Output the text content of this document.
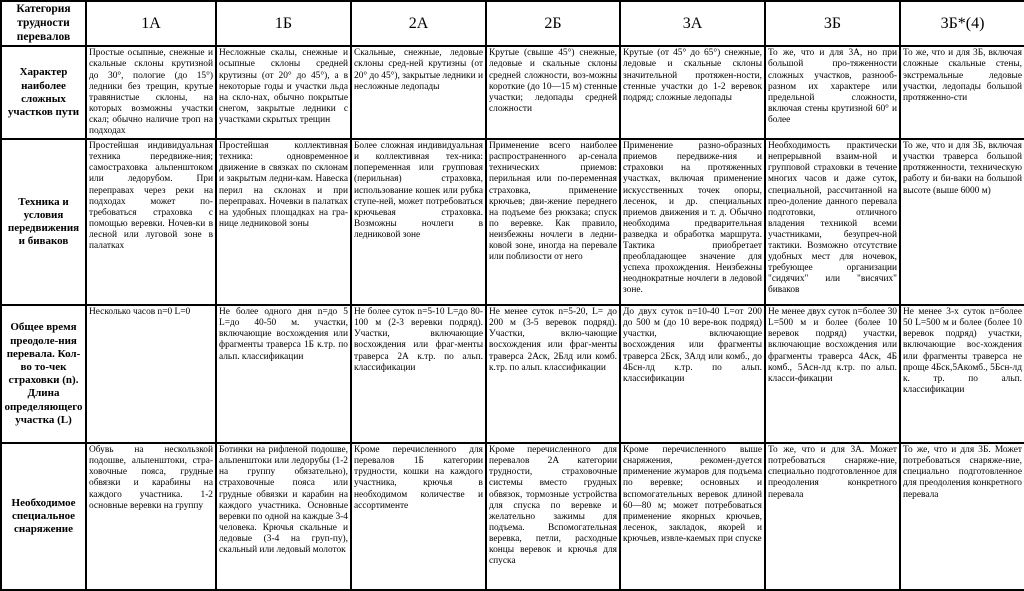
Категория трудности перевалов	1А	1Б	2А	2Б	3А	3Б	3Б*(4)
Характер наиболее сложных участков пути	Простые осыпные, снежные и скальные склоны крутизной до 30°, пологие (до 15°) ледники без трещин, крутые травянистые склоны, на которых возможны участки скал; обычно наличие троп на подходах	Несложные скалы, снежные и осыпные склоны средней крутизны (от 20° до 45°), а в некоторые годы и участки льда на скло-нах, обычно покрытые снегом, закрытые ледники с участками скрытых трещин	Скальные, снежные, ледовые склоны сред-ней крутизны (от 20° до 45°), закрытые ледники и несложные ледопады	Крутые (свыше 45°) снежные, ледовые и скальные склоны средней сложности, воз-можны короткие (до 10—15 м) стенные участки; ледопады средней сложности	Крутые (от 45° до 65°) снежные, ледовые и скальные склоны значительной протяжен-ности, стенные участки до 1-2 веревок подряд; сложные ледопады	То же, что и для 3А, но при большой про-тяженности сложных участков, разнооб-разном их характере или предельной сложности, включая стены крутизной 60° и более	То же, что и для 3Б, включая сложные скальные стены, экстремальные ледовые участки, ледопады большой протяженно-сти
Техника и условия передвижения и биваков	Простейшая индивидуальная техника передвиже-ния; самостраховка альпенштоком или ледорубом. При переправах через реки на подходах может по-требоваться страховка с помощью веревки. Ночев-ки в лесной или луговой зоне в палатках	Простейшая коллективная техника: одновременное движение в связках по склонам и закрытым ледни-кам. Навеска перил на склонах и при переправах. Ночевки в палатках на удобных площадках на гра-нице ледниковой зоны	Более сложная индивидуальная и коллективная тех-ника: попеременная или групповая (перильная) страховка, использование кошек или рубка ступе-ней, может потребоваться крючьевая страховка. Возможны ночлеги в ледниковой зоне	Применение всего наиболее распространенного ар-сенала технических приемов: перильная или по-переменная страховка, применение крючьев; дви-жение переднего на подъеме без рюкзака; спуск по веревке. Как правило, неизбежны ночлеги в ледни-ковой зоне, иногда на перевале или поблизости от него	Применение разно-образных приемов передвиже-ния и страховки на протяженных участках, включая применение искусственных точек опоры, лесенок, и др. специальных приемов движения и т. д. Обычно необходима предварительная разведка и обработка маршрута. Тактика приобретает преобладающее значение для успеха прохождения. Неизбежны неоднократные ночлеги в ледовой зоне.	Необходимость практически непрерывной взаим-ной и групповой страховки в течение многих часов и даже суток, специальной, рассчитанной на прео-доление данного перевала подготовки, отличного владения техникой всеми участниками, безупреч-ной тактики. Возможно отсутствие удобных мест для ночевок, требующее организации "сидячих" или "висячих" биваков	То же, что и для 3Б, включая участки траверса большой протяженности, техническую работу и би-ваки на большой высоте (выше 6000 м)
Общее время преодоле-ния перевала. Кол-во то-чек страховки (n). Длина определяющего участка (L)	Несколько часов n=0 L=0	Не более одного дня n=до 5 L=до 40-50 м. участки, включающие восхождения или фрагменты траверса 1Б к.тр. по альп. классификации	Не более суток n=5-10 L=до 80-100 м (2-3 веревки подряд). Участки, включающие восхождения или фраг-менты траверса 2А к.тр. по альп. классификации	Не менее суток n=5-20, L= до 200 м (3-5 веревок подряд). Участки, вклю-чающие восхождения или фраг-менты траверса 2Аск, 2Блд или комб. к.тр. по альп. классификации	До двух суток n=10-40 L=от 200 до 500 м (до 10 вере-вок подряд) участки, включающие восхождения или фрагменты траверса 2Бск, 3Алд или комб., до 4Бсн-лд к.тр. по альп. классификации	Не менее двух суток n=более 30 L=500 м и более (более 10 веревок подряд) участки, включающие восхождения или фрагменты траверса 4Аск, 4Б комб., 5Асн-лд к.тр. по альп. класси-фикации	Не менее 3-х суток n=более 50 L=500 м и более (более 10 веревок подряд) участки, включающие вос-хождения или фрагменты траверса не проще 4Бск,5Акомб., 5Бсн-лд к. тр. по альп. классификации
Необходимое специальное снаряжение	Обувь на нескользкой подошве, альпенштоки, стра-ховочные пояса, грудные обвязки и карабины на каждого участника. 1-2 основные веревки на группу	Ботинки на рифленой подошве, альпенштоки или ледорубы (1-2 на группу обязательно), страховочные пояса или грудные обвязки и карабин на каждого участника. Основные веревки по одной на каждые 3-4 человека. Крючья скальные и ледовые (3-4 на груп-пу), скальный или ледовый молоток	Кроме перечисленного для перевалов 1Б категории трудности, кошки на каждого участника, крючья в необходимом количестве и ассортименте	Кроме перечисленного для перевалов 2А категории трудности, страховочные системы вместо грудных обвязок, тормозные устройства для спуска по веревке и желательно зажимы для подъема. Вспомогательная веревка, петли, расходные концы веревок и крючья для спуска	Кроме перечисленного выше снаряжения, рекомен-дуется применение жумаров для подъема по веревке; основных и вспомогательных веревок длиной 60—80 м; может потребоваться применение якорных крючьев, лесенок, закладок, якорей и крючьев, извле-каемых при спуске	То же, что и для 3А. Может потребоваться снаряже-ние, специально подготовленное для преодоления конкретного перевала	То же, что и для 3Б. Может потребоваться снаряже-ние, специально подготовленное для преодоления конкретного перевала
